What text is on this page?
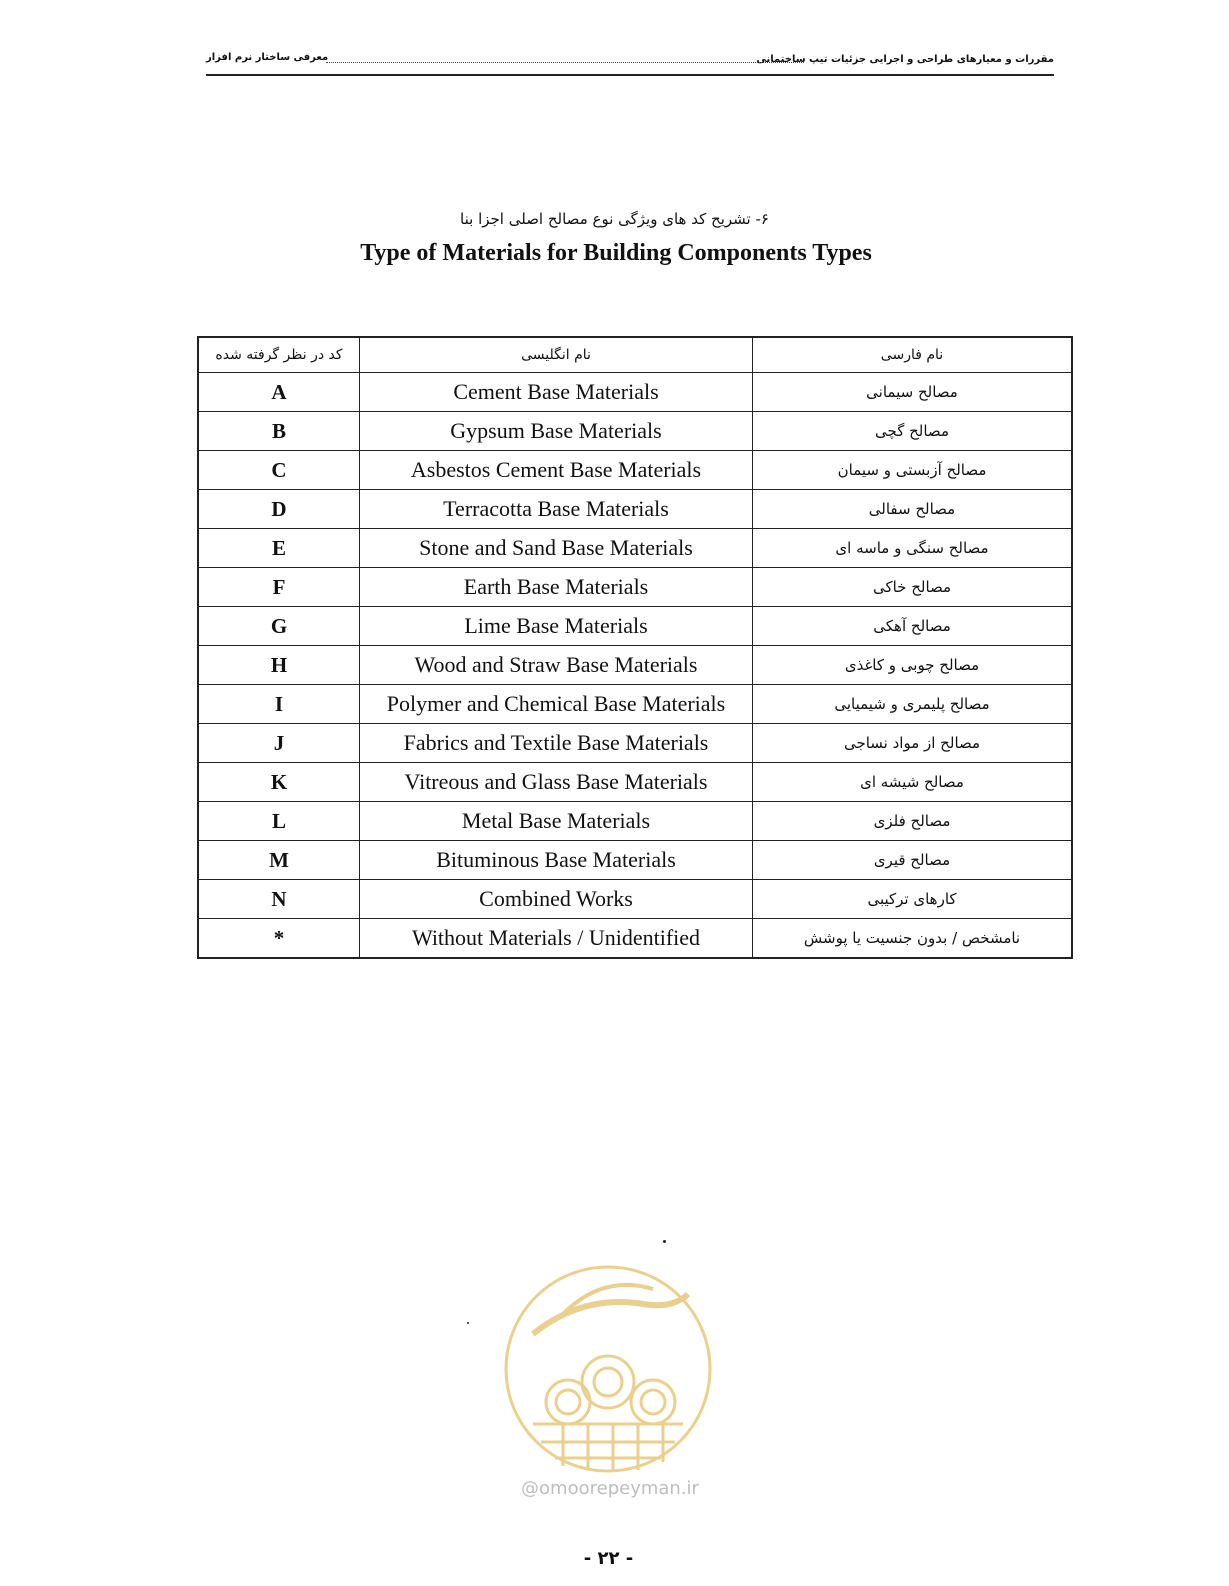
مقررات و معیارهای طراحی و اجرایی جزئیات تیپ ساختمانی
معرفی ساختار نرم افزار
۶- تشریح کد های ویژگی نوع مصالح اصلی اجزا بنا
Type of Materials for Building Components Types
کد در نظر گرفته شده	نام انگلیسی	نام فارسی
A	Cement Base Materials	مصالح سیمانی
B	Gypsum Base Materials	مصالح گچی
C	Asbestos Cement Base Materials	مصالح آزبستی و سیمان
D	Terracotta Base Materials	مصالح سفالی
E	Stone and Sand Base Materials	مصالح سنگی و ماسه ای
F	Earth Base Materials	مصالح خاکی
G	Lime Base Materials	مصالح آهکی
H	Wood and Straw Base Materials	مصالح چوبی و کاغذی
I	Polymer and Chemical Base Materials	مصالح پلیمری و شیمیایی
J	Fabrics and Textile Base Materials	مصالح از مواد نساجی
K	Vitreous and Glass Base Materials	مصالح شیشه ای
L	Metal Base Materials	مصالح فلزی
M	Bituminous Base Materials	مصالح قیری
N	Combined Works	کارهای ترکیبی
*	Without Materials / Unidentified	نامشخص / بدون جنسیت یا پوشش
@omoorepeyman.ir
- ۲۲ -
